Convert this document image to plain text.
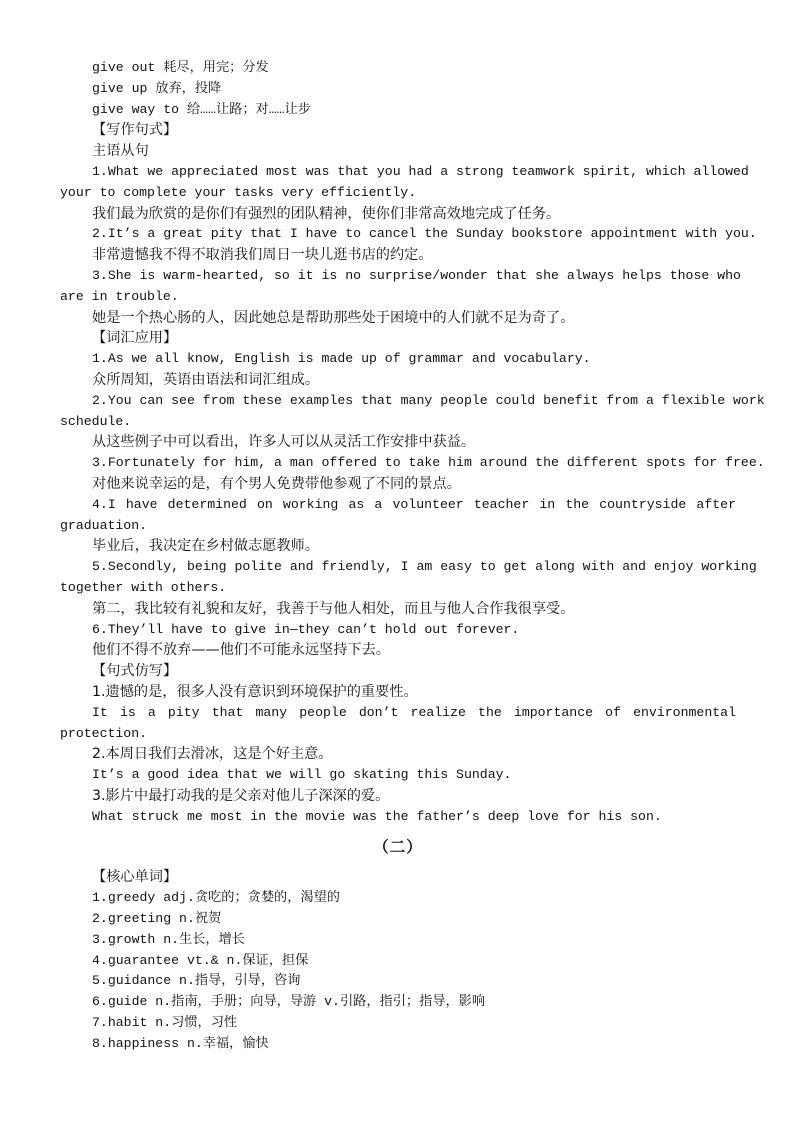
give out 耗尽，用完；分发
give up 放弃，投降
give way to 给……让路；对……让步
【写作句式】
主语从句
1.What we appreciated most was that you had a strong teamwork spirit, which allowed
your to complete your tasks very efficiently.
我们最为欣赏的是你们有强烈的团队精神，使你们非常高效地完成了任务。
2.It’s a great pity that I have to cancel the Sunday bookstore appointment with you.
非常遗憾我不得不取消我们周日一块儿逛书店的约定。
3.She is warm-hearted, so it is no surprise/wonder that she always helps those who
are in trouble.
她是一个热心肠的人，因此她总是帮助那些处于困境中的人们就不足为奇了。
【词汇应用】
1.As we all know, English is made up of grammar and vocabulary.
众所周知，英语由语法和词汇组成。
2.You can see from these examples that many people could benefit from a flexible work
schedule.
从这些例子中可以看出，许多人可以从灵活工作安排中获益。
3.Fortunately for him, a man offered to take him around the different spots for free.
对他来说幸运的是，有个男人免费带他参观了不同的景点。
4.I have determined on working as a volunteer teacher in the countryside after
graduation.
毕业后，我决定在乡村做志愿教师。
5.Secondly, being polite and friendly, I am easy to get along with and enjoy working
together with others.
第二，我比较有礼貌和友好，我善于与他人相处，而且与他人合作我很享受。
6.They’ll have to give in—they can’t hold out forever.
他们不得不放弃——他们不可能永远坚持下去。
【句式仿写】
1.遗憾的是，很多人没有意识到环境保护的重要性。
It is a pity that many people don’t realize the importance of environmental
protection.
2.本周日我们去滑冰，这是个好主意。
It’s a good idea that we will go skating this Sunday.
3.影片中最打动我的是父亲对他儿子深深的爱。
What struck me most in the movie was the father’s deep love for his son.
（二）
【核心单词】
1.greedy adj.贪吃的；贪婪的，渴望的
2.greeting n.祝贺
3.growth n.生长，增长
4.guarantee vt.& n.保证，担保
5.guidance n.指导，引导，咨询
6.guide n.指南，手册；向导，导游 v.引路，指引；指导，影响
7.habit n.习惯，习性
8.happiness n.幸福，愉快
